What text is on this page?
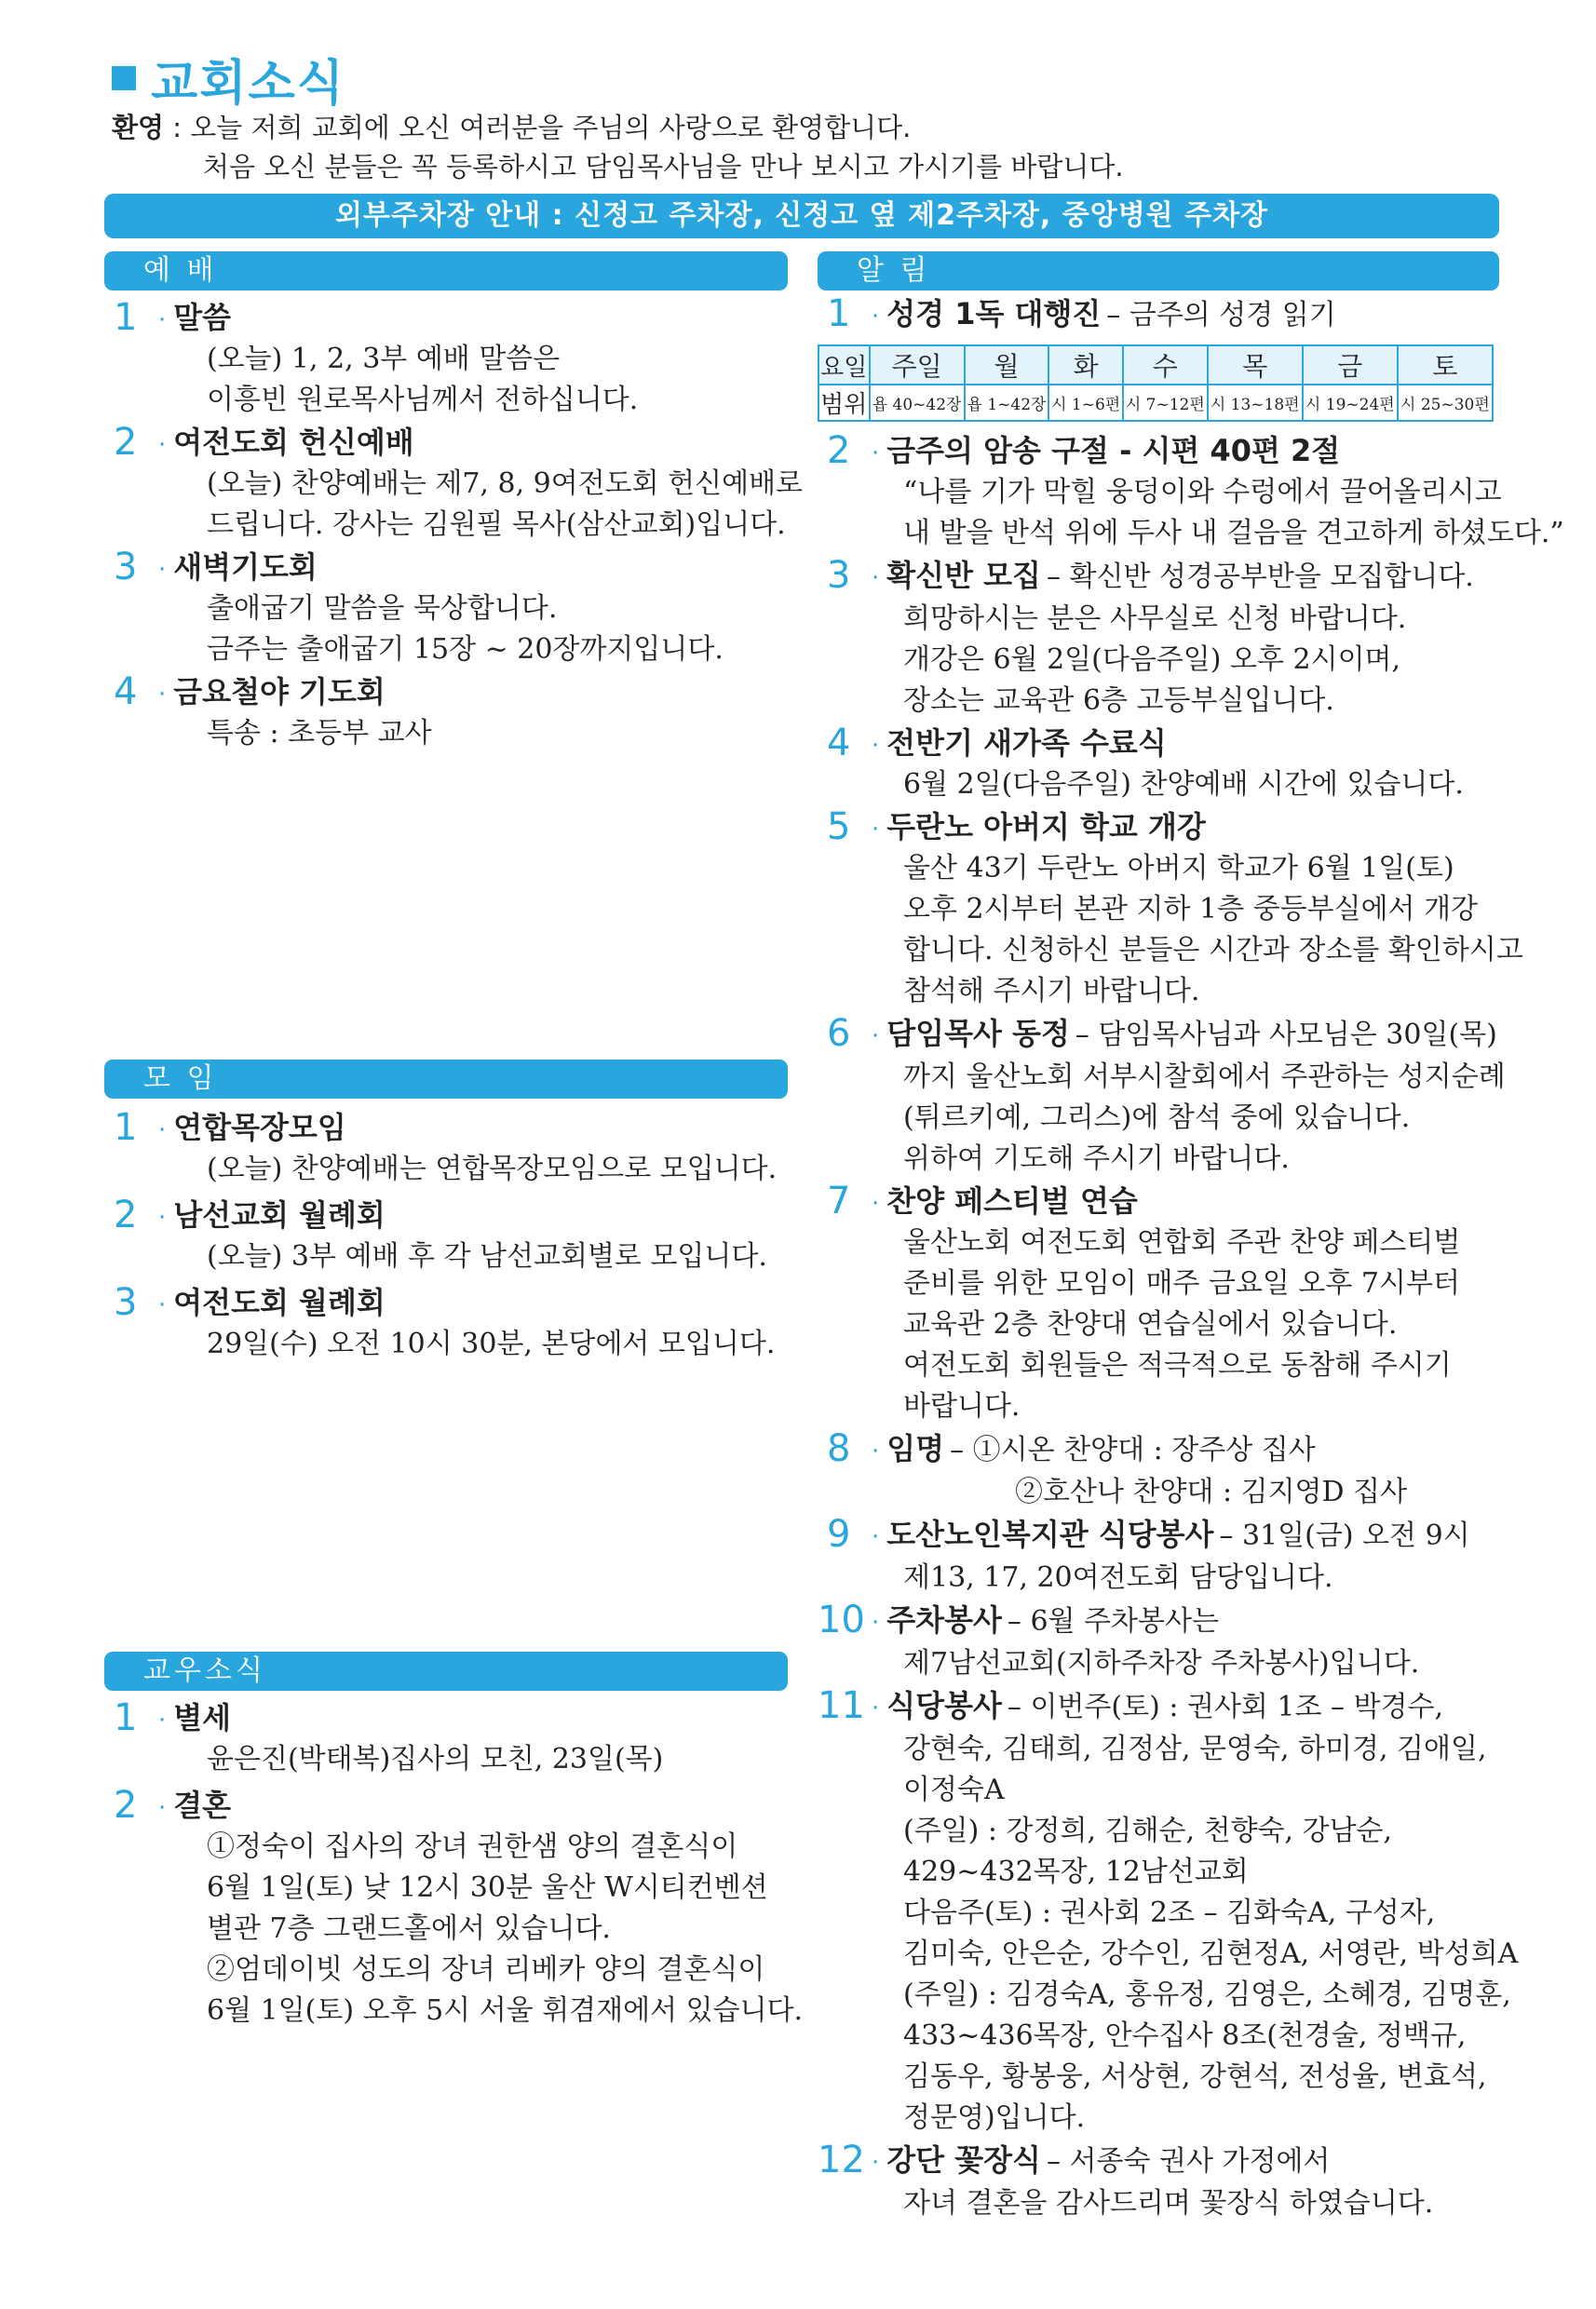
교회소식
환영 : 오늘 저희 교회에 오신 여러분을 주님의 사랑으로 환영합니다.
처음 오신 분들은 꼭 등록하시고 담임목사님을 만나 보시고 가시기를 바랍니다.
외부주차장 안내 : 신정고 주차장, 신정고 옆 제2주차장, 중앙병원 주차장
예 배
1 · 말씀
(오늘) 1, 2, 3부 예배 말씀은
이흥빈 원로목사님께서 전하십니다.
2 · 여전도회 헌신예배
(오늘) 찬양예배는 제7, 8, 9여전도회 헌신예배로
드립니다. 강사는 김원필 목사(삼산교회)입니다.
3 · 새벽기도회
출애굽기 말씀을 묵상합니다.
금주는 출애굽기 15장 ~ 20장까지입니다.
4 · 금요철야 기도회
특송 : 초등부 교사
모 임
1 · 연합목장모임
(오늘) 찬양예배는 연합목장모임으로 모입니다.
2 · 남선교회 월례회
(오늘) 3부 예배 후 각 남선교회별로 모입니다.
3 · 여전도회 월례회
29일(수) 오전 10시 30분, 본당에서 모입니다.
교우소식
1 · 별세
윤은진(박태복)집사의 모친, 23일(목)
2 · 결혼
①정숙이 집사의 장녀 권한샘 양의 결혼식이
6월 1일(토) 낮 12시 30분 울산 W시티컨벤션
별관 7층 그랜드홀에서 있습니다.
②엄데이빗 성도의 장녀 리베카 양의 결혼식이
6월 1일(토) 오후 5시 서울 휘겸재에서 있습니다.
알 림
1 · 성경 1독 대행진 – 금주의 성경 읽기
요일	주일	월	화	수	목	금	토
범위	욥 40~42장	욥 1~42장	시 1~6편	시 7~12편	시 13~18편	시 19~24편	시 25~30편
2 · 금주의 암송 구절 - 시편 40편 2절
“나를 기가 막힐 웅덩이와 수렁에서 끌어올리시고
내 발을 반석 위에 두사 내 걸음을 견고하게 하셨도다.”
3 · 확신반 모집 – 확신반 성경공부반을 모집합니다.
희망하시는 분은 사무실로 신청 바랍니다.
개강은 6월 2일(다음주일) 오후 2시이며,
장소는 교육관 6층 고등부실입니다.
4 · 전반기 새가족 수료식
6월 2일(다음주일) 찬양예배 시간에 있습니다.
5 · 두란노 아버지 학교 개강
울산 43기 두란노 아버지 학교가 6월 1일(토)
오후 2시부터 본관 지하 1층 중등부실에서 개강
합니다. 신청하신 분들은 시간과 장소를 확인하시고
참석해 주시기 바랍니다.
6 · 담임목사 동정 – 담임목사님과 사모님은 30일(목)
까지 울산노회 서부시찰회에서 주관하는 성지순례
(튀르키예, 그리스)에 참석 중에 있습니다.
위하여 기도해 주시기 바랍니다.
7 · 찬양 페스티벌 연습
울산노회 여전도회 연합회 주관 찬양 페스티벌
준비를 위한 모임이 매주 금요일 오후 7시부터
교육관 2층 찬양대 연습실에서 있습니다.
여전도회 회원들은 적극적으로 동참해 주시기
바랍니다.
8 · 임명 – ①시온 찬양대 : 장주상 집사
　　　　②호산나 찬양대 : 김지영D 집사
9 · 도산노인복지관 식당봉사 – 31일(금) 오전 9시
제13, 17, 20여전도회 담당입니다.
10 · 주차봉사 – 6월 주차봉사는
제7남선교회(지하주차장 주차봉사)입니다.
11 · 식당봉사 – 이번주(토) : 권사회 1조 – 박경수,
강현숙, 김태희, 김정삼, 문영숙, 하미경, 김애일,
이정숙A
(주일) : 강정희, 김해순, 천향숙, 강남순,
429~432목장, 12남선교회
다음주(토) : 권사회 2조 – 김화숙A, 구성자,
김미숙, 안은순, 강수인, 김현정A, 서영란, 박성희A
(주일) : 김경숙A, 홍유정, 김영은, 소혜경, 김명훈,
433~436목장, 안수집사 8조(천경술, 정백규,
김동우, 황봉웅, 서상현, 강현석, 전성율, 변효석,
정문영)입니다.
12 · 강단 꽃장식 – 서종숙 권사 가정에서
자녀 결혼을 감사드리며 꽃장식 하였습니다.
